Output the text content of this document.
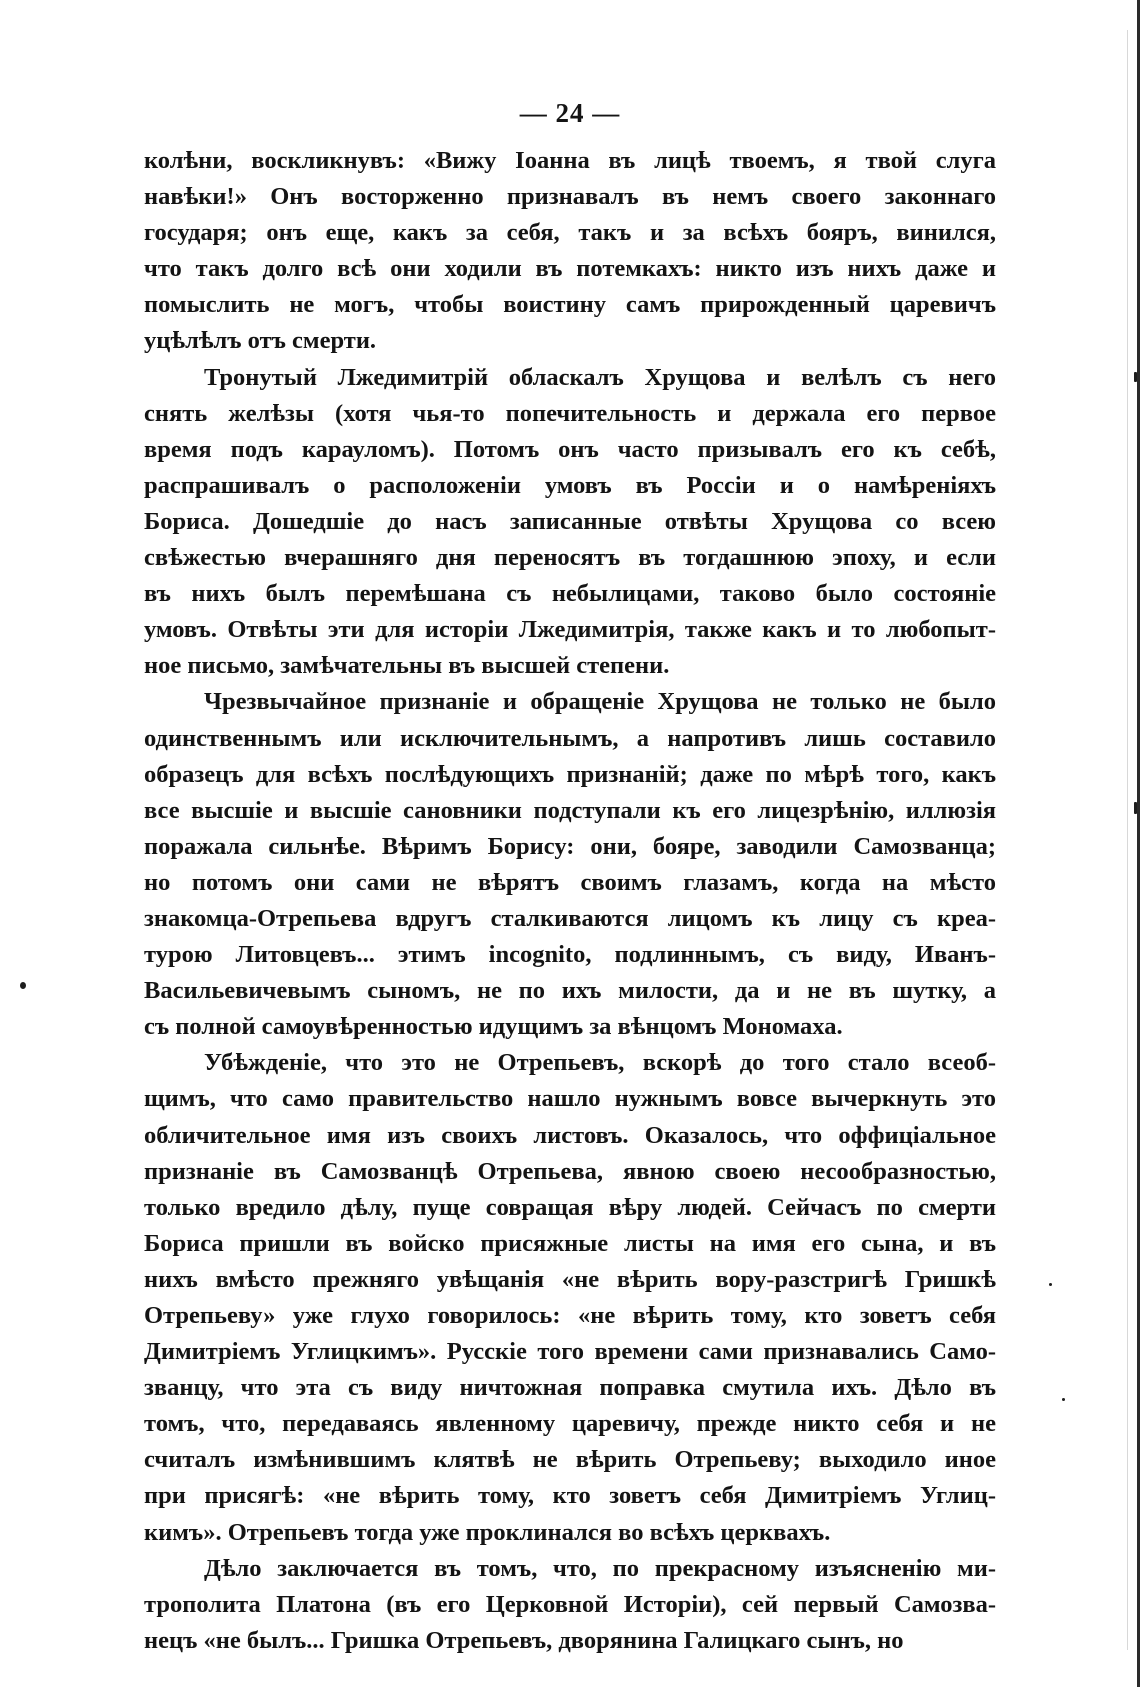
— 24 —
колѣни, воскликнувъ: «Вижу Іоанна въ лицѣ твоемъ, я твой слуга
навѣки!» Онъ восторженно признавалъ въ немъ своего законнаго
государя; онъ еще, какъ за себя, такъ и за всѣхъ бояръ, винился,
что такъ долго всѣ они ходили въ потемкахъ: никто изъ нихъ даже и
помыслить не могъ, чтобы воистину самъ прирожденный царевичъ
уцѣлѣлъ отъ смерти.
Тронутый Лжедимитрій обласкалъ Хрущова и велѣлъ съ него
снять желѣзы (хотя чья-то попечительность и держала его первое
время подъ карауломъ). Потомъ онъ часто призывалъ его къ себѣ,
распрашивалъ о расположеніи умовъ въ Россіи и о намѣреніяхъ
Бориса. Дошедшіе до насъ записанные отвѣты Хрущова со всею
свѣжестью вчерашняго дня переносятъ въ тогдашнюю эпоху, и если
въ нихъ былъ перемѣшана съ небылицами, таково было состояніе
умовъ. Отвѣты эти для исторіи Лжедимитрія, также какъ и то любопыт-
ное письмо, замѣчательны въ высшей степени.
Чрезвычайное признаніе и обращеніе Хрущова не только не было
одинственнымъ или исключительнымъ, а напротивъ лишь составило
образецъ для всѣхъ послѣдующихъ признаній; даже по мѣрѣ того, какъ
все высшіе и высшіе сановники подступали къ его лицезрѣнію, иллюзія
поражала сильнѣе. Вѣримъ Борису: они, бояре, заводили Самозванца;
но потомъ они сами не вѣрятъ своимъ глазамъ, когда на мѣсто
знакомца-Отрепьева вдругъ сталкиваются лицомъ къ лицу съ креа-
турою Литовцевъ... этимъ incognito, подлиннымъ, съ виду, Иванъ-
Васильевичевымъ сыномъ, не по ихъ милости, да и не въ шутку, а
съ полной самоувѣренностью идущимъ за вѣнцомъ Мономаха.
Убѣжденіе, что это не Отрепьевъ, вскорѣ до того стало всеоб-
щимъ, что само правительство нашло нужнымъ вовсе вычеркнуть это
обличительное имя изъ своихъ листовъ. Оказалось, что оффиціальное
признаніе въ Самозванцѣ Отрепьева, явною своею несообразностью,
только вредило дѣлу, пуще совращая вѣру людей. Сейчасъ по смерти
Бориса пришли въ войско присяжные листы на имя его сына, и въ
нихъ вмѣсто прежняго увѣщанія «не вѣрить вору-разстригѣ Гришкѣ
Отрепьеву» уже глухо говорилось: «не вѣрить тому, кто зоветъ себя
Димитріемъ Углицкимъ». Русскіе того времени сами признавались Само-
званцу, что эта съ виду ничтожная поправка смутила ихъ. Дѣло въ
томъ, что, передаваясь явленному царевичу, прежде никто себя и не
считалъ измѣнившимъ клятвѣ не вѣрить Отрепьеву; выходило иное
при присягѣ: «не вѣрить тому, кто зоветъ себя Димитріемъ Углиц-
кимъ». Отрепьевъ тогда уже проклинался во всѣхъ церквахъ.
Дѣло заключается въ томъ, что, по прекрасному изъясненію ми-
трополита Платона (въ его Церковной Исторіи), сей первый Самозва-
нецъ «не былъ... Гришка Отрепьевъ, дворянина Галицкаго сынъ, но
